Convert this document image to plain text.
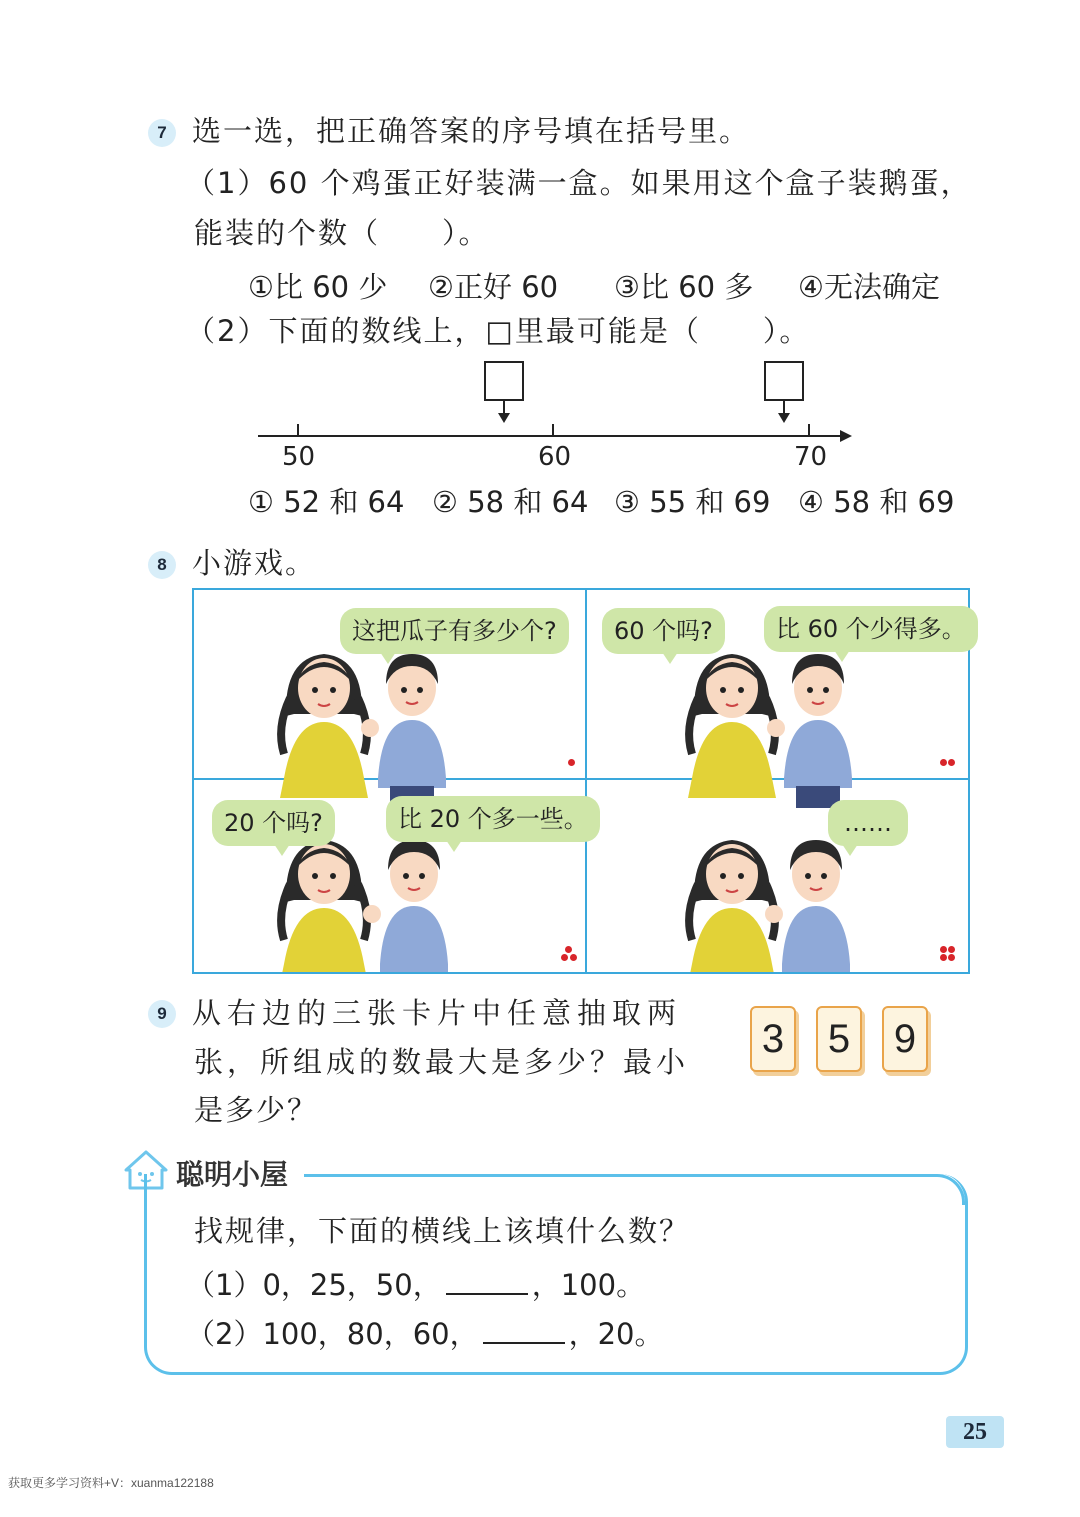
7 选一选，把正确答案的序号填在括号里。
（1）60 个鸡蛋正好装满一盒。如果用这个盒子装鹅蛋，
能装的个数（　　）。
①比 60 少 ②正好 60 ③比 60 多 ④无法确定
（2）下面的数线上，□里最可能是（　　）。
50	60	70
① 52 和 64 ② 58 和 64 ③ 55 和 69 ④ 58 和 69
8 小游戏。
这把瓜子有多少个?	60 个吗?	比 60 个少得多。
20 个吗?	比 20 个多一些。	……
9 从右边的三张卡片中任意抽取两
张，所组成的数最大是多少？最小
是多少？
3 5 9
聪明小屋
找规律，下面的横线上该填什么数？
（1）0，25，50，	，100。
（2）100，80，60，	，20。
25
获取更多学习资料+V：xuanma122188
